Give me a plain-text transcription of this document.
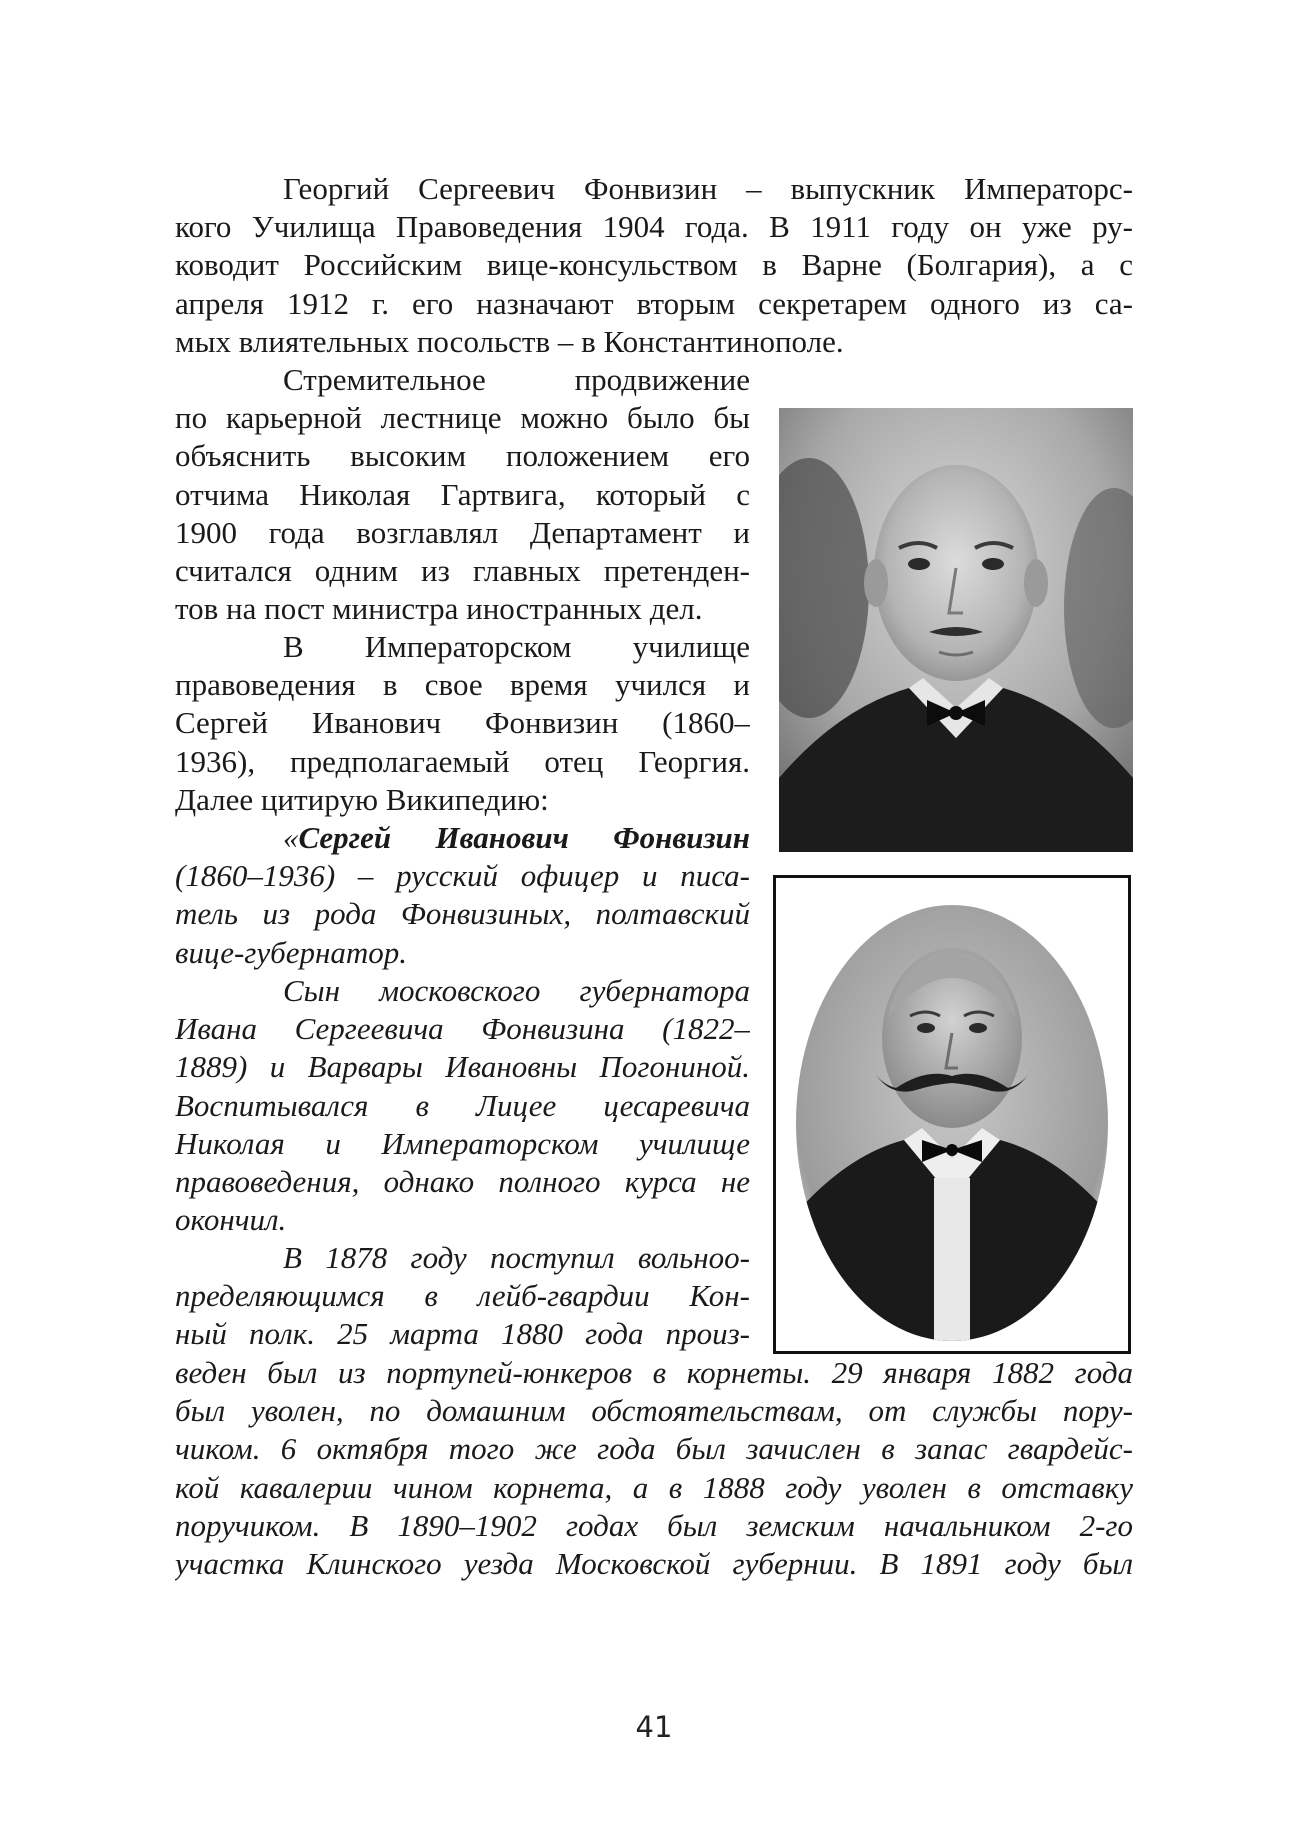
Георгий Сергеевич Фонвизин – выпускник Императорс-
кого Училища Правоведения 1904 года. В 1911 году он уже ру-
ководит Российским вице-консульством в Варне (Болгария), а с
апреля 1912 г. его назначают вторым секретарем одного из са-
мых влиятельных посольств – в Константинополе.
Стремительное продвижение
по карьерной лестнице можно было бы
объяснить высоким положением его
отчима Николая Гартвига, который с
1900 года возглавлял Департамент и
считался одним из главных претенден-
тов на пост министра иностранных дел.
В Императорском училище
правоведения в свое время учился и
Сергей Иванович Фонвизин (1860–
1936), предполагаемый отец Георгия.
Далее цитирую Википедию:
«Сергей Иванович Фонвизин
(1860–1936) – русский офицер и писа-
тель из рода Фонвизиных, полтавский
вице-губернатор.
Сын московского губернатора
Ивана Сергеевича Фонвизина (1822–
1889) и Варвары Ивановны Погониной.
Воспитывался в Лицее цесаревича
Николая и Императорском училище
правоведения, однако полного курса не
окончил.
В 1878 году поступил вольноо-
пределяющимся в лейб-гвардии Кон-
ный полк. 25 марта 1880 года произ-
веден был из портупей-юнкеров в корнеты. 29 января 1882 года
был уволен, по домашним обстоятельствам, от службы пору-
чиком. 6 октября того же года был зачислен в запас гвардейс-
кой кавалерии чином корнета, а в 1888 году уволен в отставку
поручиком. В 1890–1902 годах был земским начальником 2-го
участка Клинского уезда Московской губернии. В 1891 году был
41
